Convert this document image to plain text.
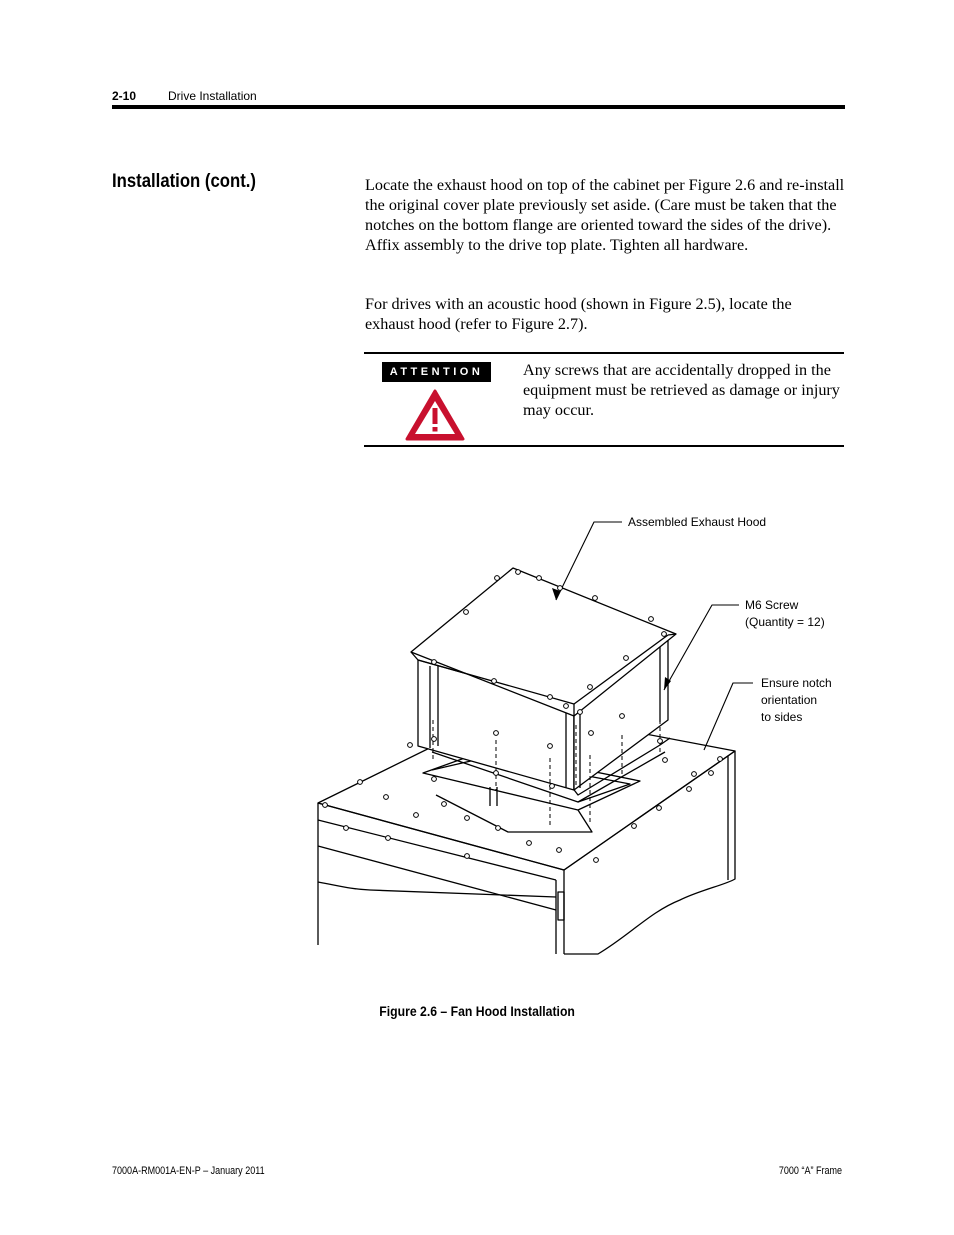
2-10	Drive Installation
Installation (cont.)	Locate the exhaust hood on top of the cabinet per Figure 2.6 and re-install the original cover plate previously set aside. (Care must be taken that the notches on the bottom flange are oriented toward the sides of the drive). Affix assembly to the drive top plate. Tighten all hardware.

For drives with an acoustic hood (shown in Figure 2.5), locate the exhaust hood (refer to Figure 2.7).

ATTENTION	Any screws that are accidentally dropped in the equipment must be retrieved as damage or injury may occur.

Assembled Exhaust Hood
M6 Screw
(Quantity = 12)
Ensure notch
orientation
to sides
Figure 2.6 – Fan Hood Installation
7000A-RM001A-EN-P – January 2011	7000 “A” Frame
